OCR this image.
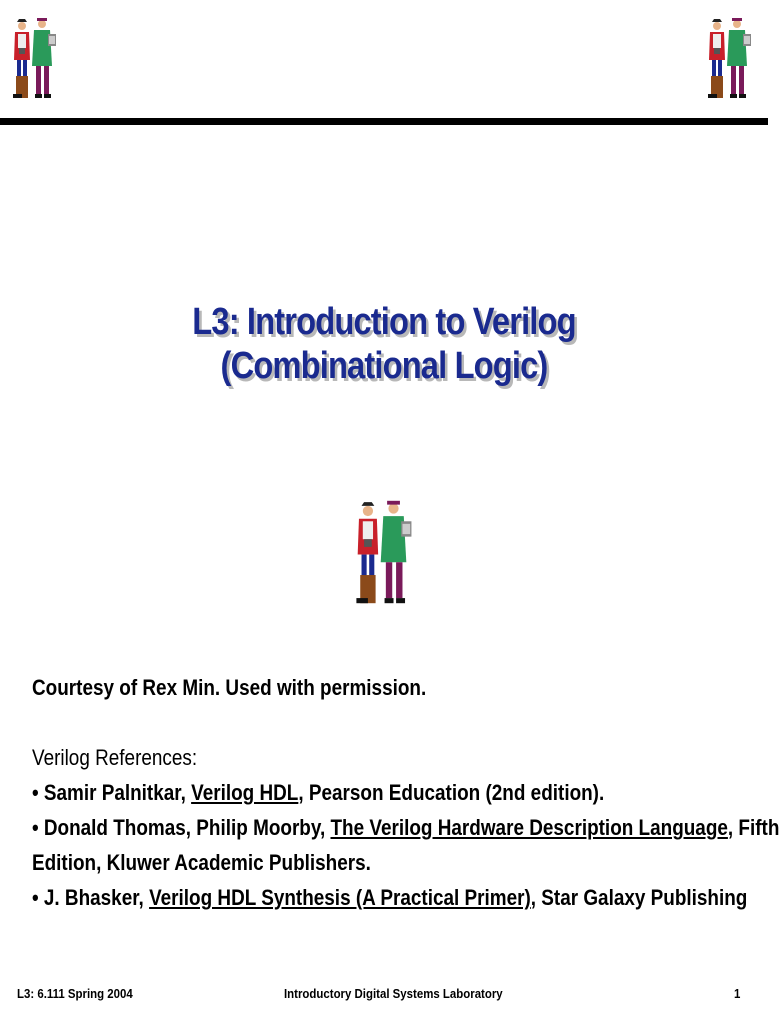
L3: Introduction to Verilog
(Combinational Logic)
Courtesy of Rex Min. Used with permission.
Verilog References:
• Samir Palnitkar, Verilog HDL, Pearson Education (2nd edition).
• Donald Thomas, Philip Moorby, The Verilog Hardware Description Language, Fifth
Edition, Kluwer Academic Publishers.
• J. Bhasker, Verilog HDL Synthesis (A Practical Primer), Star Galaxy Publishing
L3: 6.111 Spring 2004	Introductory Digital Systems Laboratory	1
